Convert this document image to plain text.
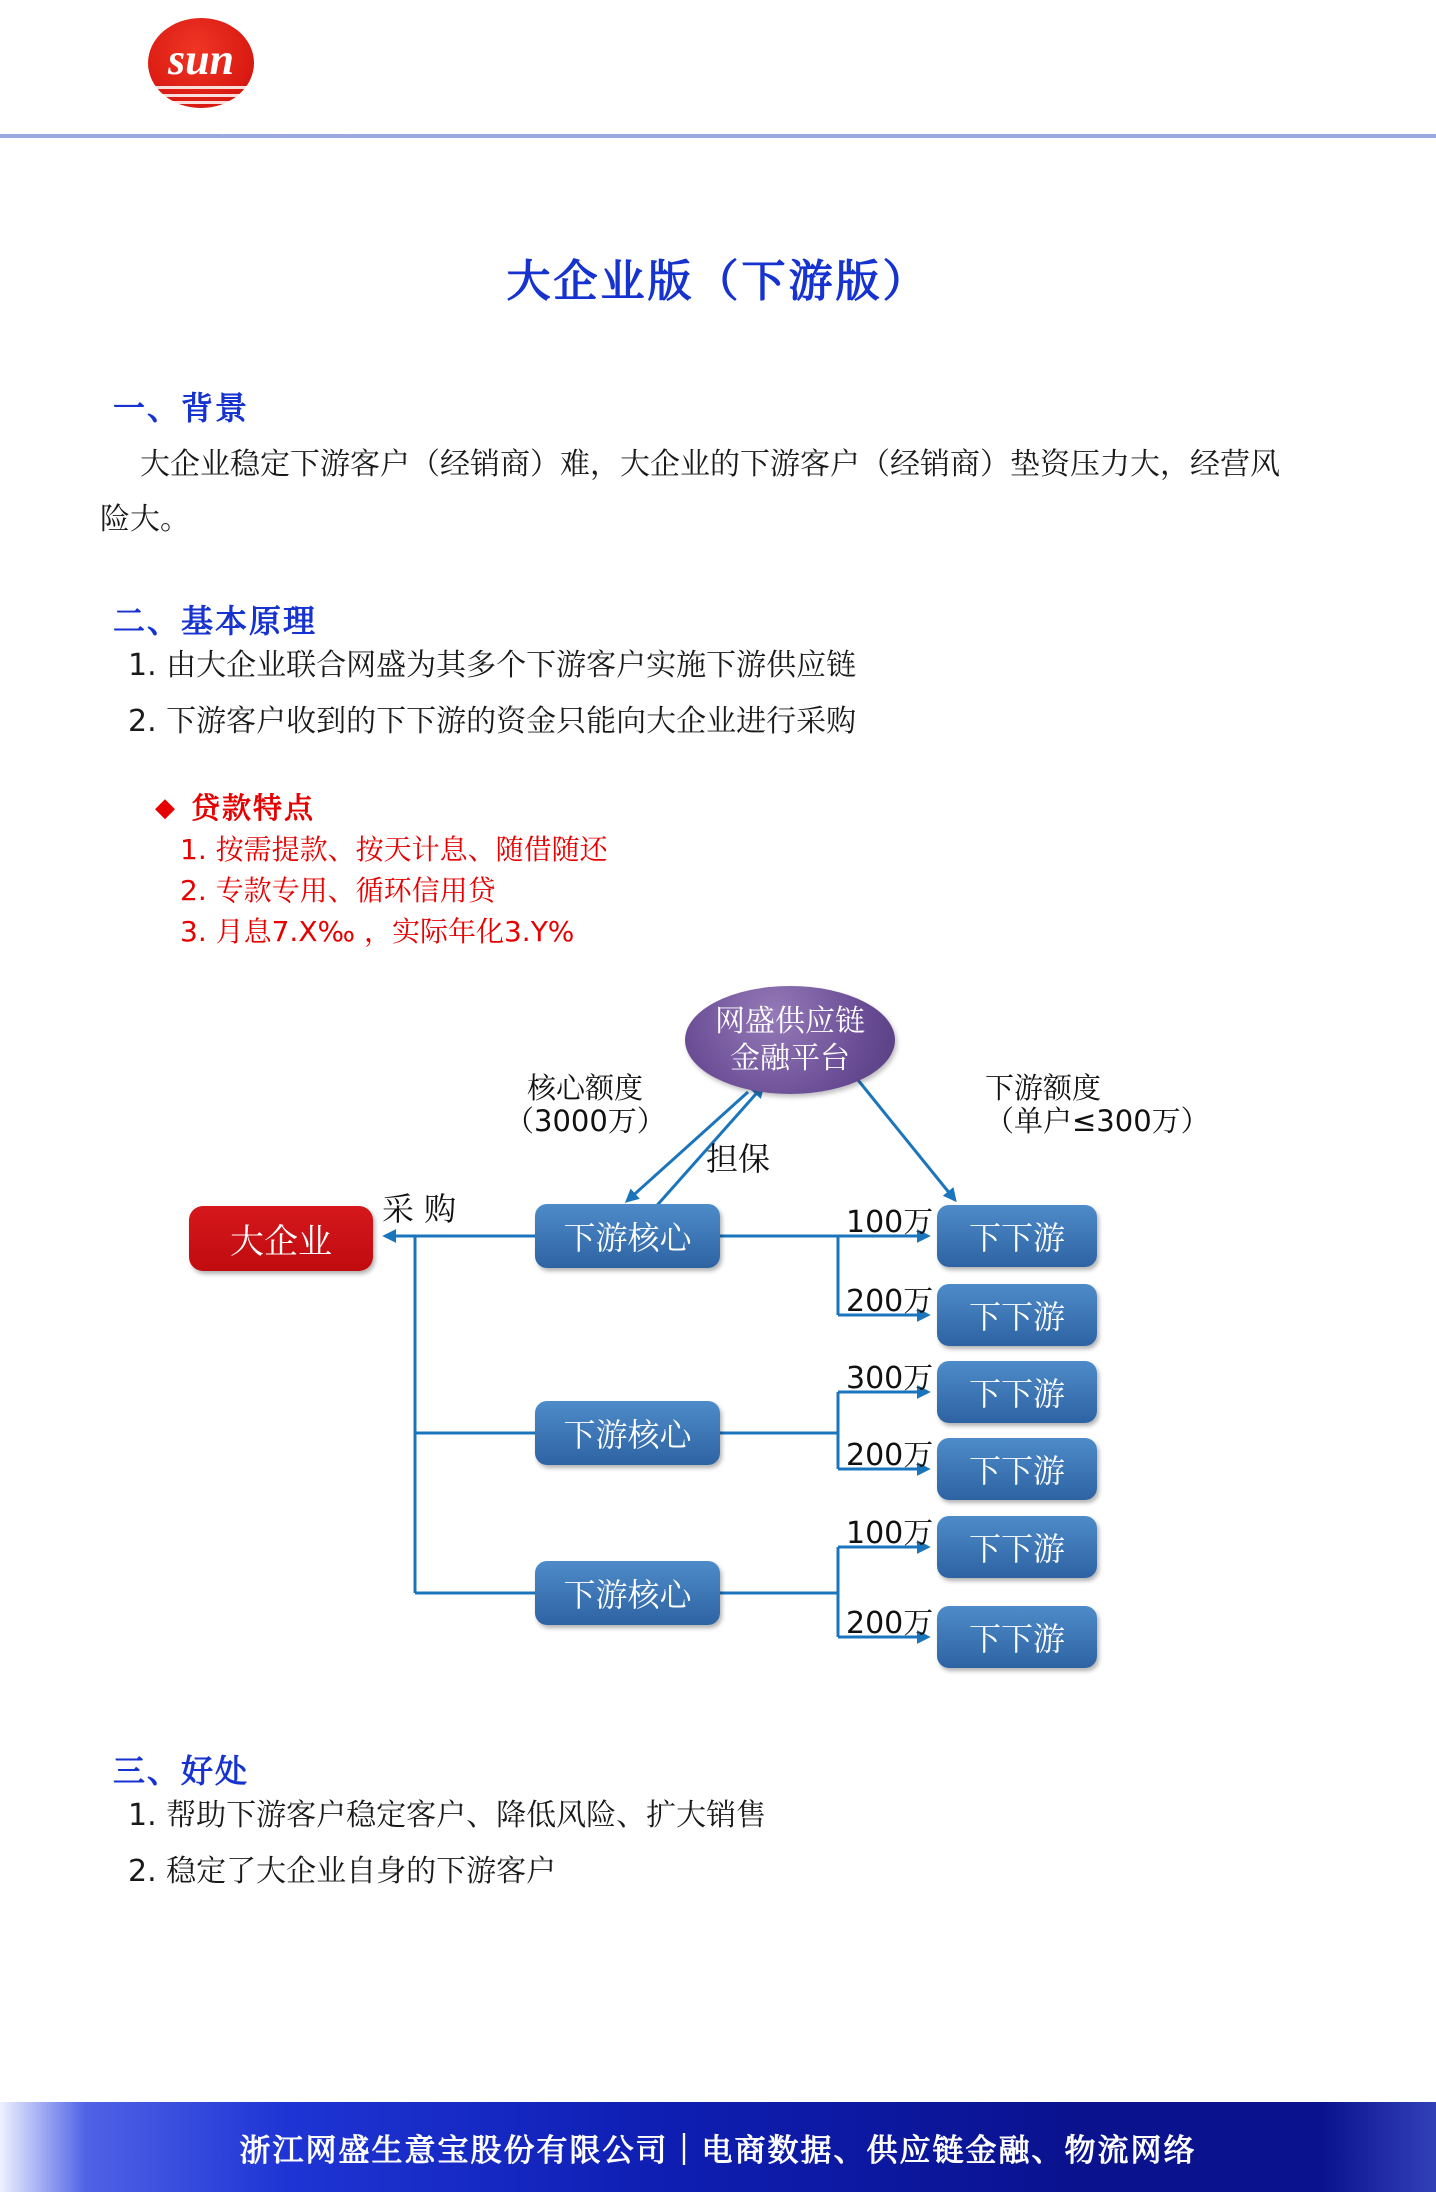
Net	sun 网盛
细分天下 共赢天下
产业互联网基础设施提供商
生意宝｜股票代码：002095
大企业版（下游版）
一、背景
大企业稳定下游客户（经销商）难，大企业的下游客户（经销商）垫资压力大，经营风险大。
二、基本原理
1. 由大企业联合网盛为其多个下游客户实施下游供应链
2. 下游客户收到的下下游的资金只能向大企业进行采购
◆ 贷款特点
1. 按需提款、按天计息、随借随还
2. 专款专用、循环信用贷
3. 月息7.X‰ ，实际年化3.Y%
网盛供应链
金融平台
核心额度
（3000万）
下游额度
（单户≤300万）
担保
采 购
大企业	下游核心
下游核心
下游核心
下下游
下下游
下下游
下下游
下下游
下下游
100万
200万
300万
200万
100万
200万
三、好处
1. 帮助下游客户稳定客户、降低风险、扩大销售
2. 稳定了大企业自身的下游客户
浙江网盛生意宝股份有限公司｜电商数据、供应链金融、物流网络
